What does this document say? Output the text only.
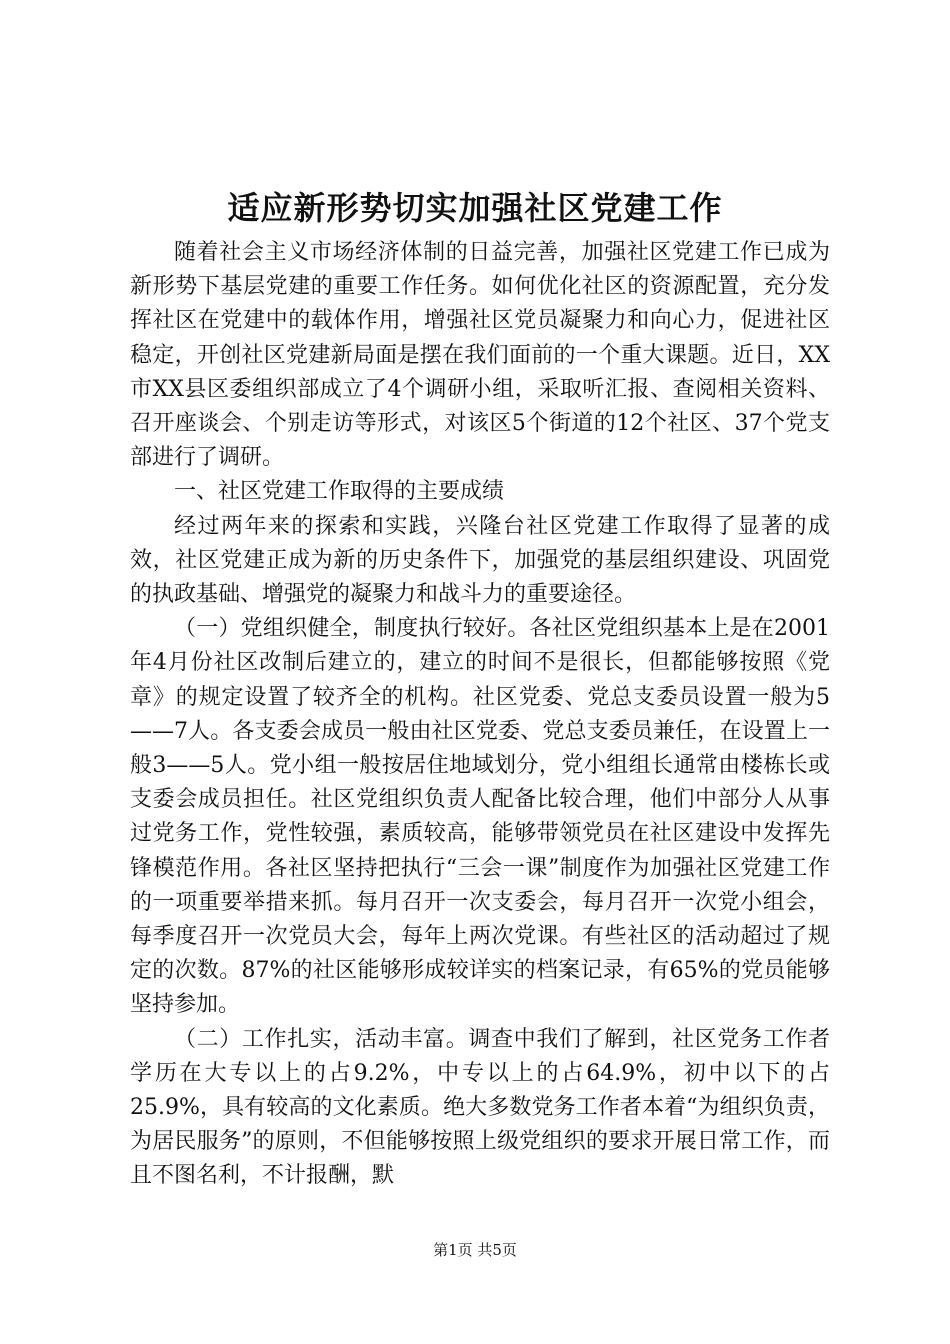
适应新形势切实加强社区党建工作

随着社会主义市场经济体制的日益完善，加强社区党建工作已成为新形势下基层党建的重要工作任务。如何优化社区的资源配置，充分发挥社区在党建中的载体作用，增强社区党员凝聚力和向心力，促进社区稳定，开创社区党建新局面是摆在我们面前的一个重大课题。近日，XX市XX县区委组织部成立了4个调研小组，采取听汇报、查阅相关资料、召开座谈会、个别走访等形式，对该区5个街道的12个社区、37个党支部进行了调研。

一、社区党建工作取得的主要成绩

经过两年来的探索和实践，兴隆台社区党建工作取得了显著的成效，社区党建正成为新的历史条件下，加强党的基层组织建设、巩固党的执政基础、增强党的凝聚力和战斗力的重要途径。

（一）党组织健全，制度执行较好。各社区党组织基本上是在2001年4月份社区改制后建立的，建立的时间不是很长，但都能够按照《党章》的规定设置了较齐全的机构。社区党委、党总支委员设置一般为5——7人。各支委会成员一般由社区党委、党总支委员兼任，在设置上一般3——5人。党小组一般按居住地域划分，党小组组长通常由楼栋长或支委会成员担任。社区党组织负责人配备比较合理，他们中部分人从事过党务工作，党性较强，素质较高，能够带领党员在社区建设中发挥先锋模范作用。各社区坚持把执行“三会一课”制度作为加强社区党建工作的一项重要举措来抓。每月召开一次支委会，每月召开一次党小组会，每季度召开一次党员大会，每年上两次党课。有些社区的活动超过了规定的次数。87%的社区能够形成较详实的档案记录，有65%的党员能够坚持参加。

（二）工作扎实，活动丰富。调查中我们了解到，社区党务工作者学历在大专以上的占9.2%，中专以上的占64.9%，初中以下的占25.9%，具有较高的文化素质。绝大多数党务工作者本着“为组织负责，为居民服务”的原则，不但能够按照上级党组织的要求开展日常工作，而且不图名利，不计报酬，默

第1页 共5页
